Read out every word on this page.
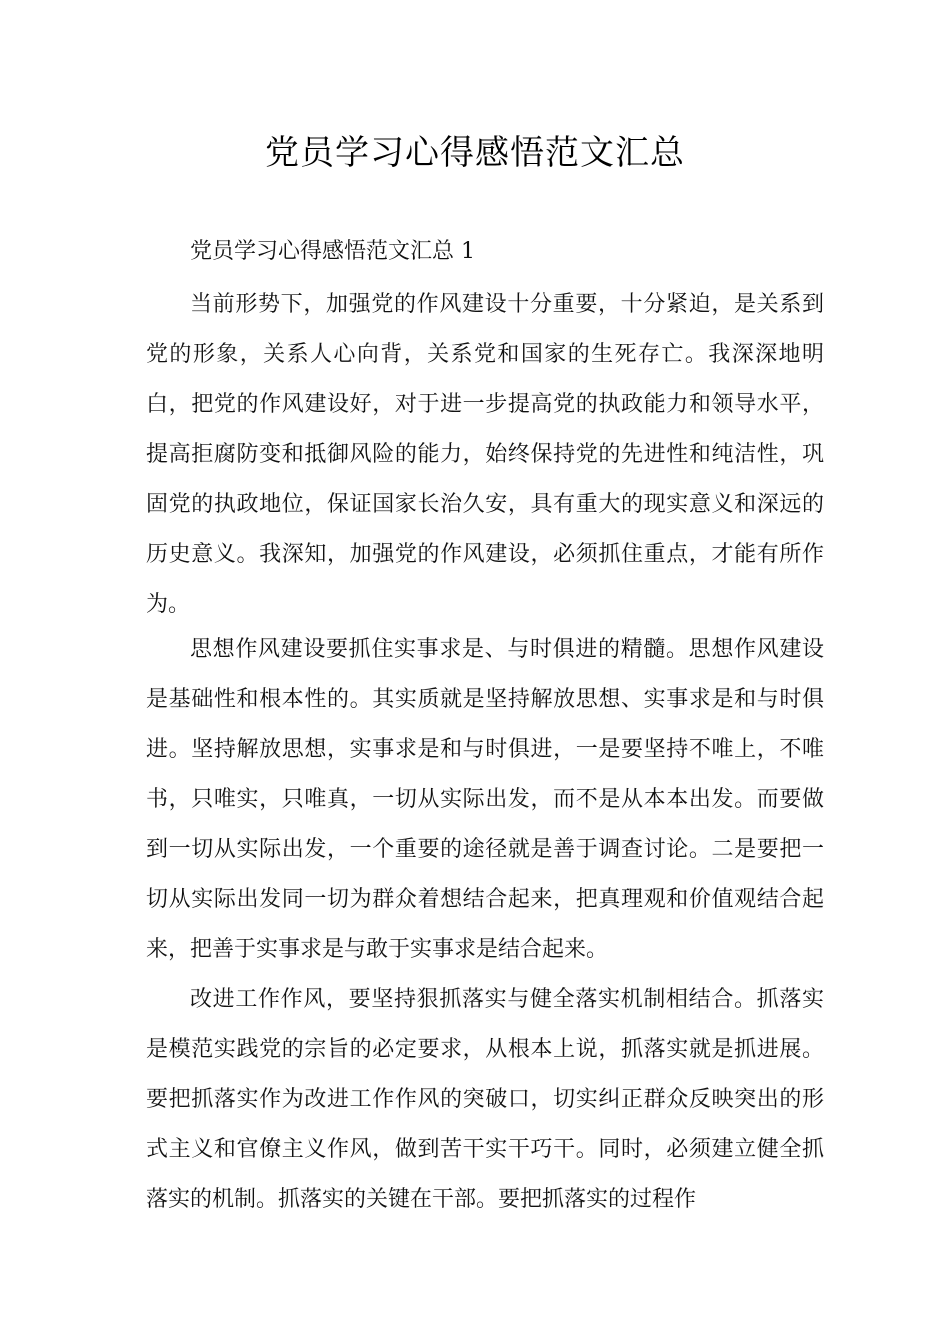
党员学习心得感悟范文汇总

党员学习心得感悟范文汇总 1

当前形势下，加强党的作风建设十分重要，十分紧迫，是关系到党的形象，关系人心向背，关系党和国家的生死存亡。我深深地明白，把党的作风建设好，对于进一步提高党的执政能力和领导水平，提高拒腐防变和抵御风险的能力，始终保持党的先进性和纯洁性，巩固党的执政地位，保证国家长治久安，具有重大的现实意义和深远的历史意义。我深知，加强党的作风建设，必须抓住重点，才能有所作为。

思想作风建设要抓住实事求是、与时俱进的精髓。思想作风建设是基础性和根本性的。其实质就是坚持解放思想、实事求是和与时俱进。坚持解放思想，实事求是和与时俱进，一是要坚持不唯上，不唯书，只唯实，只唯真，一切从实际出发，而不是从本本出发。而要做到一切从实际出发，一个重要的途径就是善于调查讨论。二是要把一切从实际出发同一切为群众着想结合起来，把真理观和价值观结合起来，把善于实事求是与敢于实事求是结合起来。

改进工作作风，要坚持狠抓落实与健全落实机制相结合。抓落实是模范实践党的宗旨的必定要求，从根本上说，抓落实就是抓进展。要把抓落实作为改进工作作风的突破口，切实纠正群众反映突出的形式主义和官僚主义作风，做到苦干实干巧干。同时，必须建立健全抓落实的机制。抓落实的关键在干部。要把抓落实的过程作
